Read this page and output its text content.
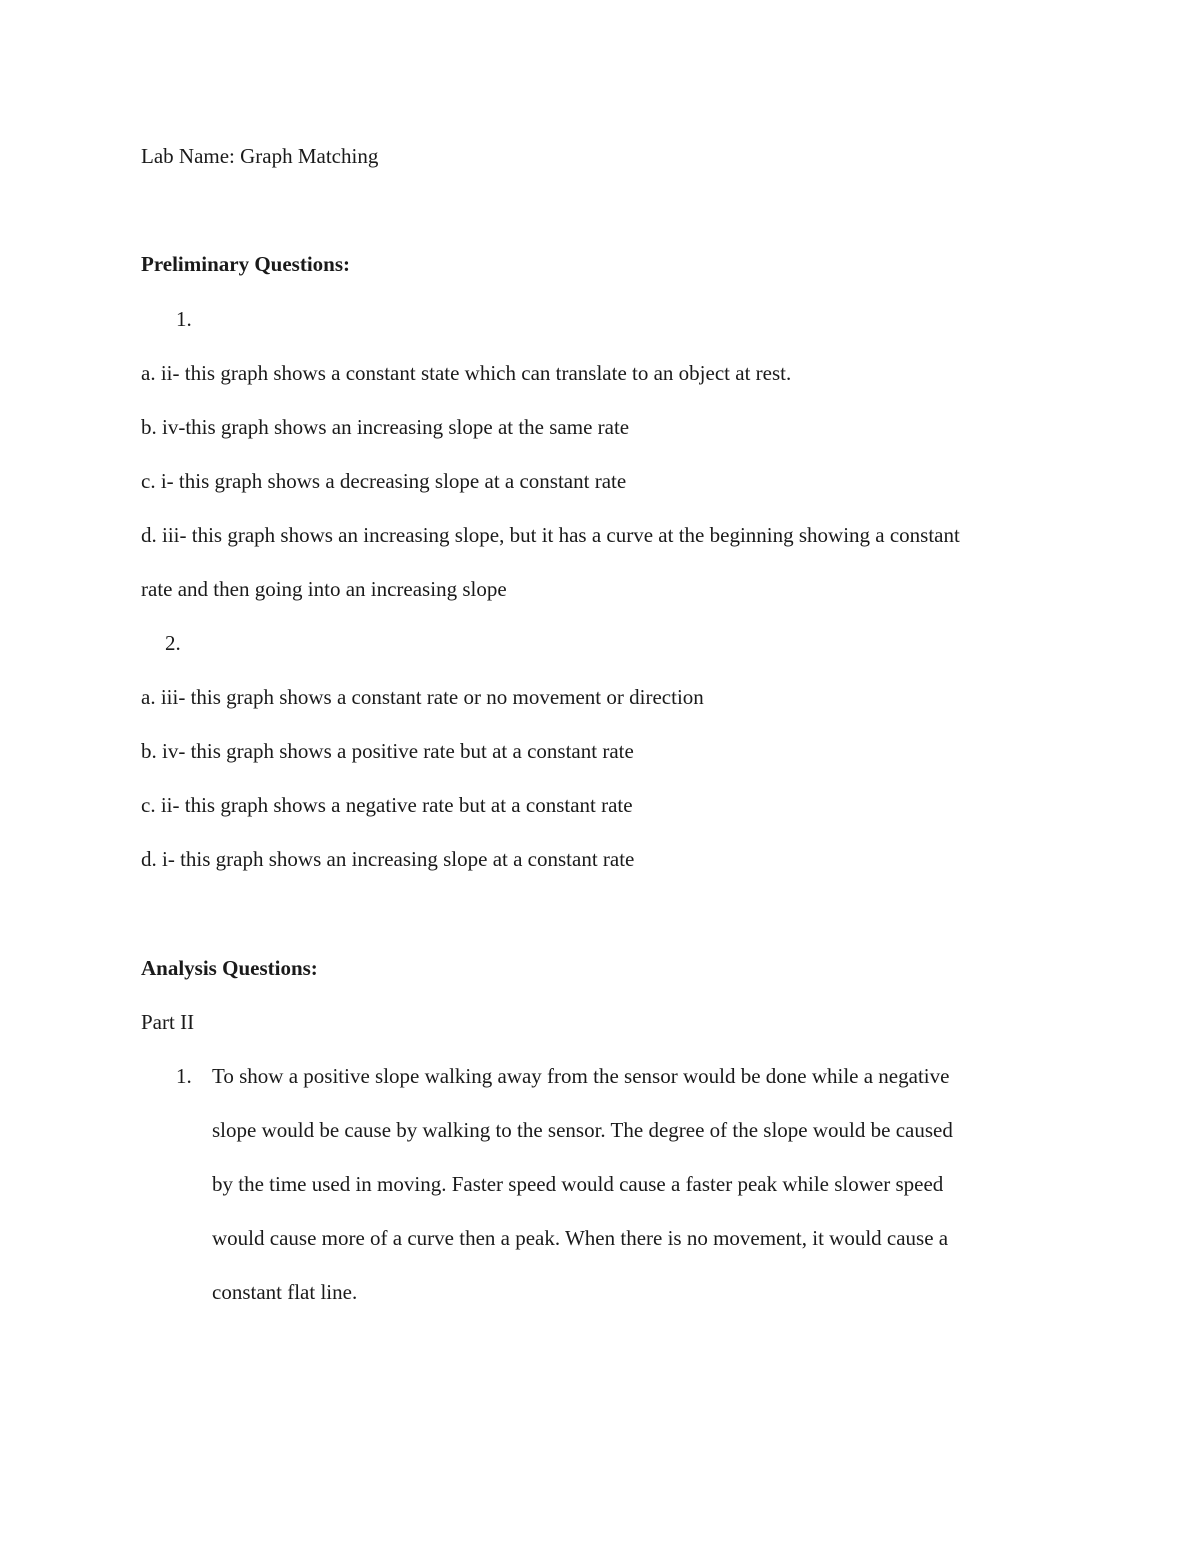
Lab Name: Graph Matching
Preliminary Questions:
1.
a. ii- this graph shows a constant state which can translate to an object at rest.
b. iv-this graph shows an increasing slope at the same rate
c. i- this graph shows a decreasing slope at a constant rate
d. iii- this graph shows an increasing slope, but it has a curve at the beginning showing a constant
rate and then going into an increasing slope
2.
a. iii- this graph shows a constant rate or no movement or direction
b. iv- this graph shows a positive rate but at a constant rate
c. ii- this graph shows a negative rate but at a constant rate
d. i- this graph shows an increasing slope at a constant rate
Analysis Questions:
Part II
1. To show a positive slope walking away from the sensor would be done while a negative
slope would be cause by walking to the sensor. The degree of the slope would be caused
by the time used in moving. Faster speed would cause a faster peak while slower speed
would cause more of a curve then a peak. When there is no movement, it would cause a
constant flat line.
